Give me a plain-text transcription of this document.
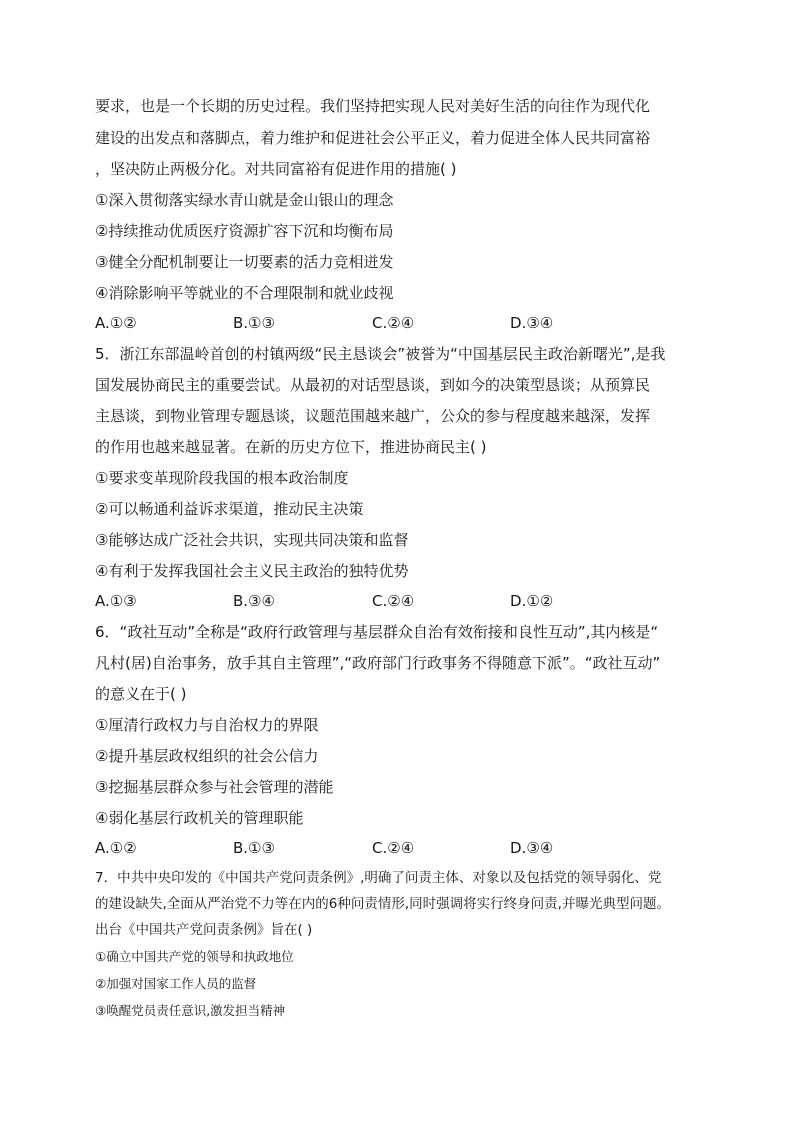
要求，也是一个长期的历史过程。我们坚持把实现人民对美好生活的向往作为现代化
建设的出发点和落脚点，着力维护和促进社会公平正义，着力促进全体人民共同富裕
，坚决防止两极分化。对共同富裕有促进作用的措施( )
①深入贯彻落实绿水青山就是金山银山的理念
②持续推动优质医疗资源扩容下沉和均衡布局
③健全分配机制要让一切要素的活力竞相迸发
④消除影响平等就业的不合理限制和就业歧视
A.①②	B.①③	C.②④	D.③④
5．浙江东部温岭首创的村镇两级“民主恳谈会”被誉为“中国基层民主政治新曙光”,是我
国发展协商民主的重要尝试。从最初的对话型恳谈，到如今的决策型恳谈；从预算民
主恳谈，到物业管理专题恳谈，议题范围越来越广，公众的参与程度越来越深，发挥
的作用也越来越显著。在新的历史方位下，推进协商民主( )
①要求变革现阶段我国的根本政治制度
②可以畅通利益诉求渠道，推动民主决策
③能够达成广泛社会共识，实现共同决策和监督
④有利于发挥我国社会主义民主政治的独特优势
A.①③	B.③④	C.②④	D.①②
6．“政社互动”全称是“政府行政管理与基层群众自治有效衔接和良性互动”,其内核是“
凡村(居)自治事务，放手其自主管理”,“政府部门行政事务不得随意下派”。“政社互动”
的意义在于( )
①厘清行政权力与自治权力的界限
②提升基层政权组织的社会公信力
③挖掘基层群众参与社会管理的潜能
④弱化基层行政机关的管理职能
A.①②	B.①③	C.②④	D.③④
7．中共中央印发的《中国共产党问责条例》,明确了问责主体、对象以及包括党的领导弱化、党
的建设缺失,全面从严治党不力等在内的6种问责情形,同时强调将实行终身问责,并曝光典型问题。
出台《中国共产党问责条例》旨在( )
①确立中国共产党的领导和执政地位
②加强对国家工作人员的监督
③唤醒党员责任意识,激发担当精神
